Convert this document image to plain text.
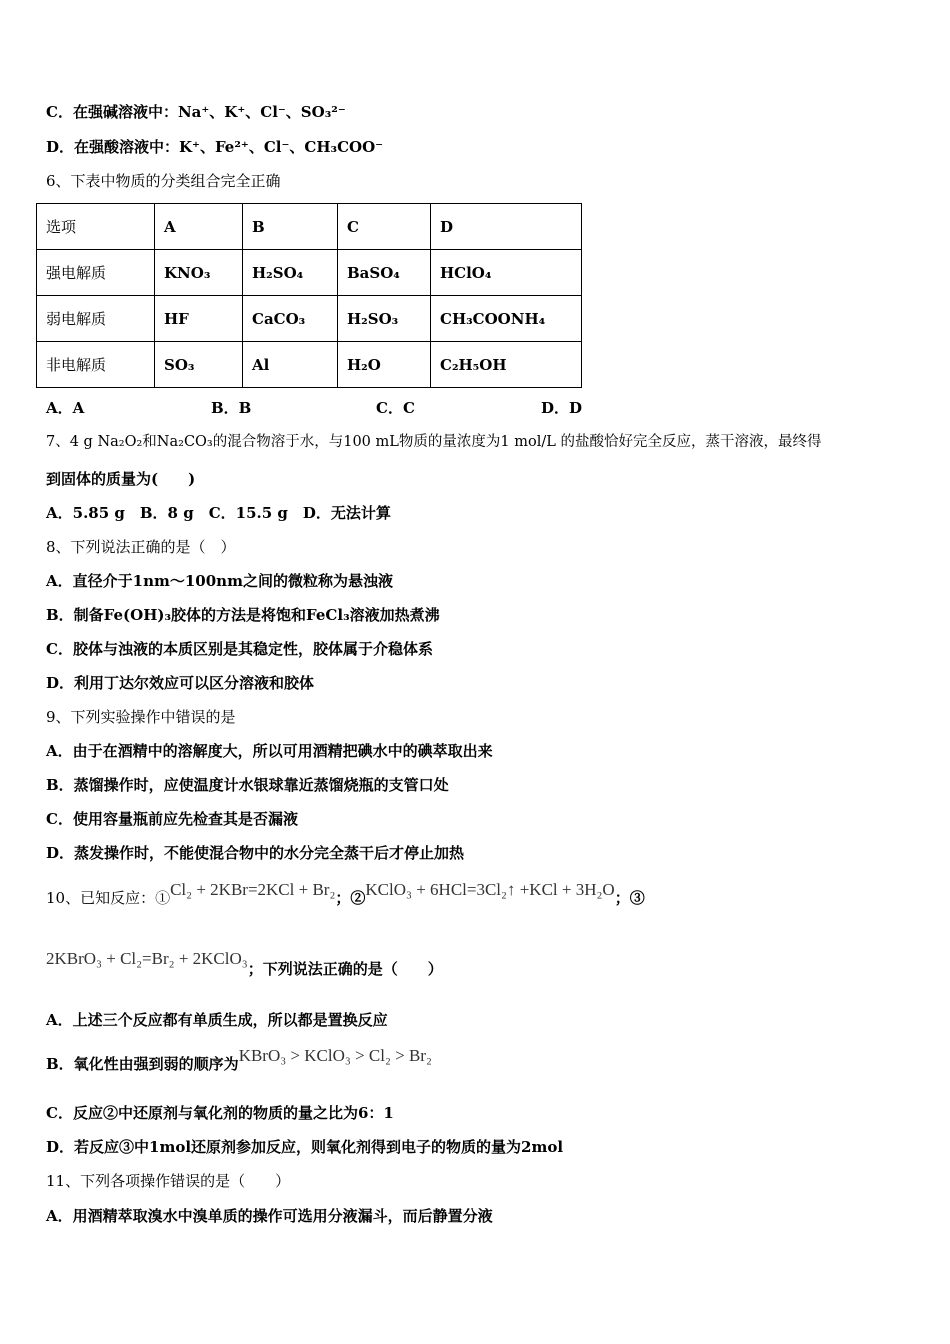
C．在强碱溶液中：Na⁺、K⁺、Cl⁻、SO₃²⁻
D．在强酸溶液中：K⁺、Fe²⁺、Cl⁻、CH₃COO⁻
6、下表中物质的分类组合完全正确
选项	A	B	C	D
强电解质	KNO₃	H₂SO₄	BaSO₄	HClO₄
弱电解质	HF	CaCO₃	H₂SO₃	CH₃COONH₄
非电解质	SO₃	Al	H₂O	C₂H₅OH
A．A	B．B	C．C	D．D
7、4 g Na₂O₂和Na₂CO₃的混合物溶于水，与100 mL物质的量浓度为1 mol/L 的盐酸恰好完全反应，蒸干溶液，最终得
到固体的质量为(　　)
A．5.85 g　B．8 g　C．15.5 g　D．无法计算
8、下列说法正确的是（　）
A．直径介于1nm～100nm之间的微粒称为悬浊液
B．制备Fe(OH)₃胶体的方法是将饱和FeCl₃溶液加热煮沸
C．胶体与浊液的本质区别是其稳定性，胶体属于介稳体系
D．利用丁达尔效应可以区分溶液和胶体
9、下列实验操作中错误的是
A．由于在酒精中的溶解度大，所以可用酒精把碘水中的碘萃取出来
B．蒸馏操作时，应使温度计水银球靠近蒸馏烧瓶的支管口处
C．使用容量瓶前应先检查其是否漏液
D．蒸发操作时，不能使混合物中的水分完全蒸干后才停止加热
10、已知反应：①Cl₂ + 2KBr=2KCl + Br₂；②KClO₃ + 6HCl=3Cl₂↑ +KCl + 3H₂O；③
2KBrO₃ + Cl₂=Br₂ + 2KClO₃；下列说法正确的是（　　）
A．上述三个反应都有单质生成，所以都是置换反应
B．氧化性由强到弱的顺序为KBrO₃ > KClO₃ > Cl₂ > Br₂
C．反应②中还原剂与氧化剂的物质的量之比为6：1
D．若反应③中1mol还原剂参加反应，则氧化剂得到电子的物质的量为2mol
11、下列各项操作错误的是（　　）
A．用酒精萃取溴水中溴单质的操作可选用分液漏斗，而后静置分液
